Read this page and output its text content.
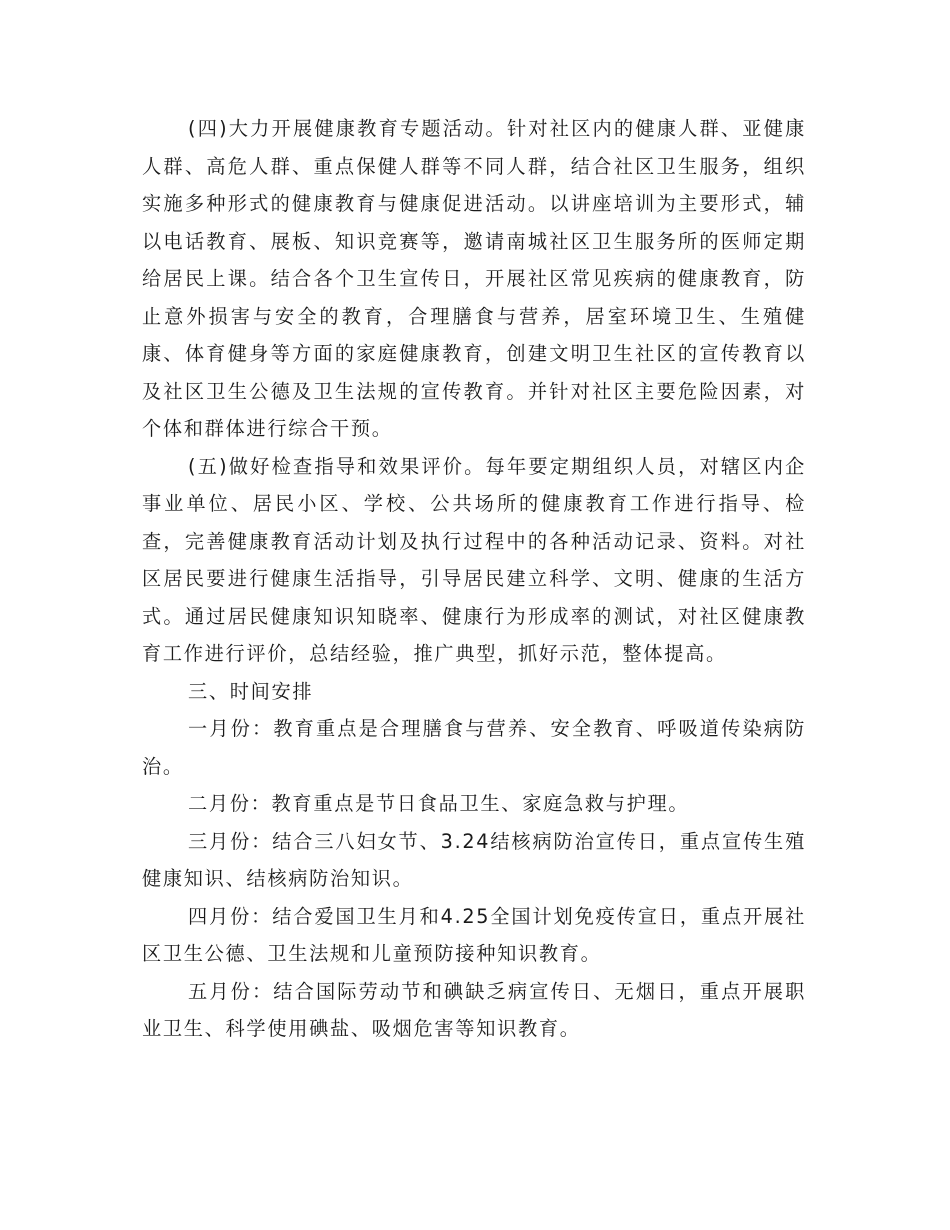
(四)大力开展健康教育专题活动。针对社区内的健康人群、亚健康人群、高危人群、重点保健人群等不同人群，结合社区卫生服务，组织实施多种形式的健康教育与健康促进活动。以讲座培训为主要形式，辅以电话教育、展板、知识竞赛等，邀请南城社区卫生服务所的医师定期给居民上课。结合各个卫生宣传日，开展社区常见疾病的健康教育，防止意外损害与安全的教育，合理膳食与营养，居室环境卫生、生殖健康、体育健身等方面的家庭健康教育，创建文明卫生社区的宣传教育以及社区卫生公德及卫生法规的宣传教育。并针对社区主要危险因素，对个体和群体进行综合干预。

(五)做好检查指导和效果评价。每年要定期组织人员，对辖区内企事业单位、居民小区、学校、公共场所的健康教育工作进行指导、检查，完善健康教育活动计划及执行过程中的各种活动记录、资料。对社区居民要进行健康生活指导，引导居民建立科学、文明、健康的生活方式。通过居民健康知识知晓率、健康行为形成率的测试，对社区健康教育工作进行评价，总结经验，推广典型，抓好示范，整体提高。

三、时间安排

一月份：教育重点是合理膳食与营养、安全教育、呼吸道传染病防治。

二月份：教育重点是节日食品卫生、家庭急救与护理。

三月份：结合三八妇女节、3.24结核病防治宣传日，重点宣传生殖健康知识、结核病防治知识。

四月份：结合爱国卫生月和4.25全国计划免疫传宣日，重点开展社区卫生公德、卫生法规和儿童预防接种知识教育。

五月份：结合国际劳动节和碘缺乏病宣传日、无烟日，重点开展职业卫生、科学使用碘盐、吸烟危害等知识教育。
